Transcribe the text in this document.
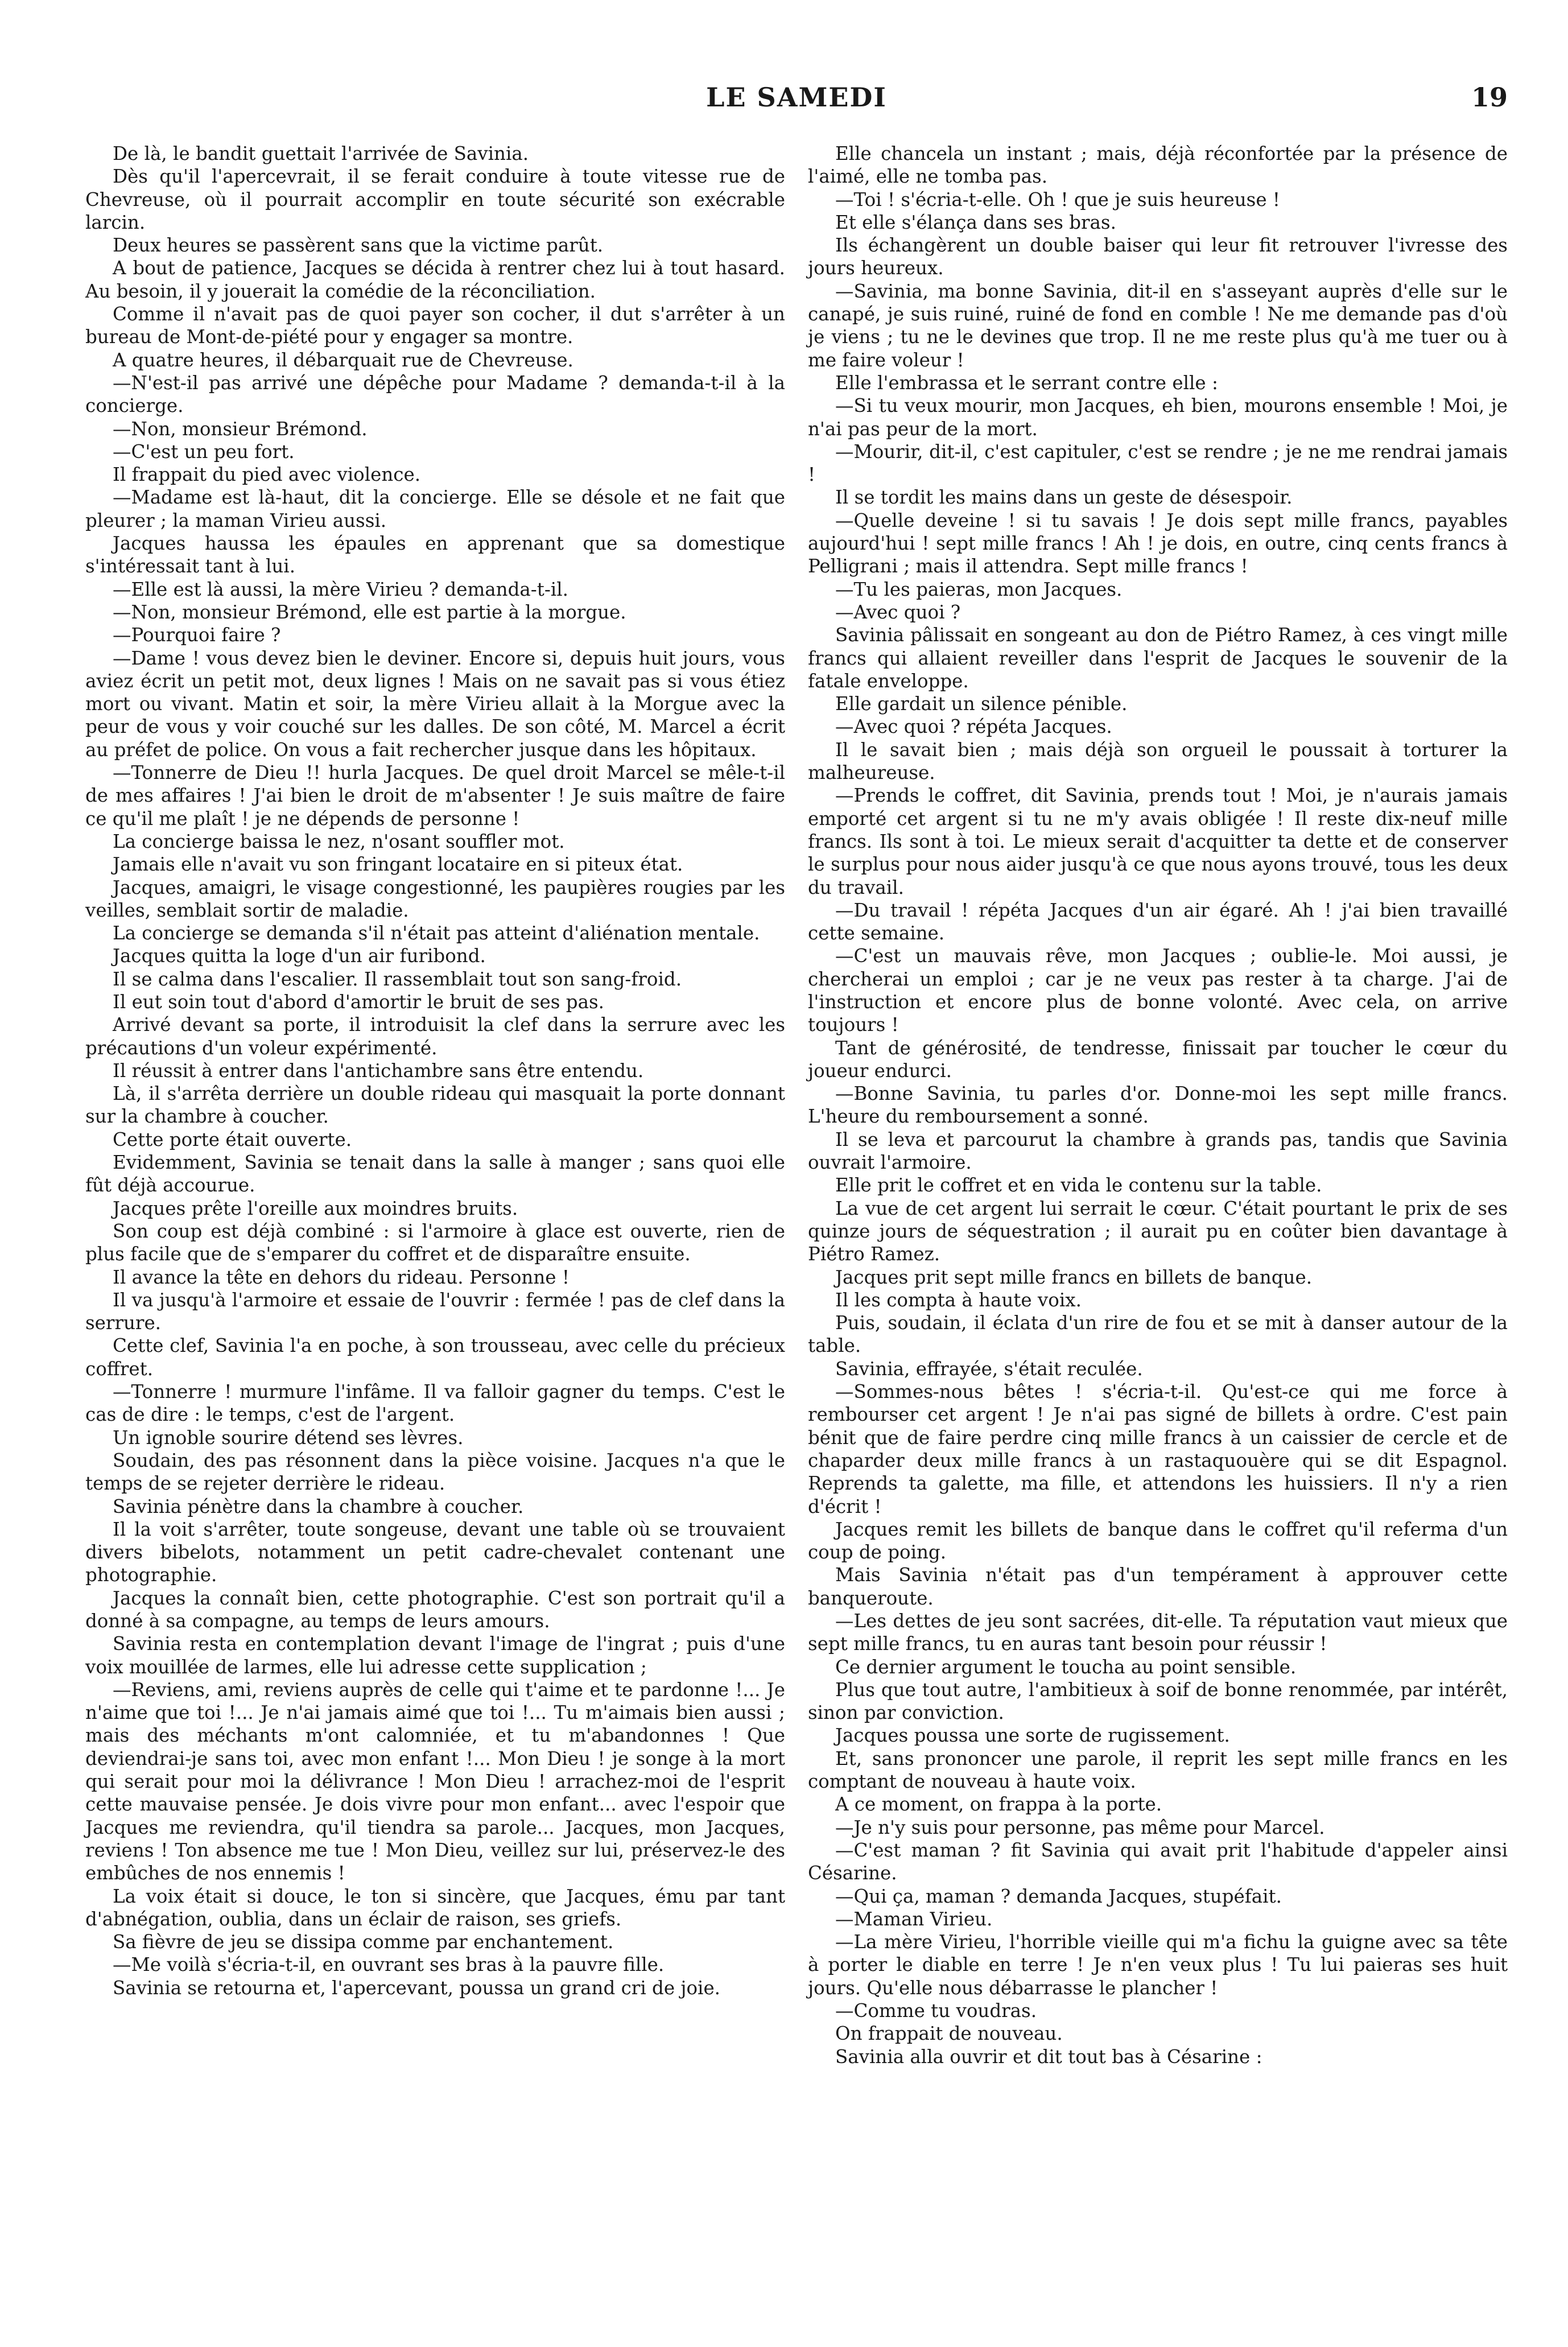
LE SAMEDI	19

De là, le bandit guettait l'arrivée de Savinia.

Dès qu'il l'apercevrait, il se ferait conduire à toute vitesse rue de Chevreuse, où il pourrait accomplir en toute sécurité son exécrable larcin.

Deux heures se passèrent sans que la victime parût.

A bout de patience, Jacques se décida à rentrer chez lui à tout hasard. Au besoin, il y jouerait la comédie de la réconciliation.

Comme il n'avait pas de quoi payer son cocher, il dut s'arrêter à un bureau de Mont-de-piété pour y engager sa montre.

A quatre heures, il débarquait rue de Chevreuse.

—N'est-il pas arrivé une dépêche pour Madame ? demanda-t-il à la concierge.

—Non, monsieur Brémond.

—C'est un peu fort.

Il frappait du pied avec violence.

—Madame est là-haut, dit la concierge. Elle se désole et ne fait que pleurer ; la maman Virieu aussi.

Jacques haussa les épaules en apprenant que sa domestique s'intéressait tant à lui.

—Elle est là aussi, la mère Virieu ? demanda-t-il.

—Non, monsieur Brémond, elle est partie à la morgue.

—Pourquoi faire ?

—Dame ! vous devez bien le deviner. Encore si, depuis huit jours, vous aviez écrit un petit mot, deux lignes ! Mais on ne savait pas si vous étiez mort ou vivant. Matin et soir, la mère Virieu allait à la Morgue avec la peur de vous y voir couché sur les dalles. De son côté, M. Marcel a écrit au préfet de police. On vous a fait rechercher jusque dans les hôpitaux.

—Tonnerre de Dieu !! hurla Jacques. De quel droit Marcel se mêle-t-il de mes affaires ! J'ai bien le droit de m'absenter ! Je suis maître de faire ce qu'il me plaît ! je ne dépends de personne !

La concierge baissa le nez, n'osant souffler mot.

Jamais elle n'avait vu son fringant locataire en si piteux état.

Jacques, amaigri, le visage congestionné, les paupières rougies par les veilles, semblait sortir de maladie.

La concierge se demanda s'il n'était pas atteint d'aliénation mentale.

Jacques quitta la loge d'un air furibond.

Il se calma dans l'escalier. Il rassemblait tout son sang-froid.

Il eut soin tout d'abord d'amortir le bruit de ses pas.

Arrivé devant sa porte, il introduisit la clef dans la serrure avec les précautions d'un voleur expérimenté.

Il réussit à entrer dans l'antichambre sans être entendu.

Là, il s'arrêta derrière un double rideau qui masquait la porte donnant sur la chambre à coucher.

Cette porte était ouverte.

Evidemment, Savinia se tenait dans la salle à manger ; sans quoi elle fût déjà accourue.

Jacques prête l'oreille aux moindres bruits.

Son coup est déjà combiné : si l'armoire à glace est ouverte, rien de plus facile que de s'emparer du coffret et de disparaître ensuite.

Il avance la tête en dehors du rideau. Personne !

Il va jusqu'à l'armoire et essaie de l'ouvrir : fermée ! pas de clef dans la serrure.

Cette clef, Savinia l'a en poche, à son trousseau, avec celle du précieux coffret.

—Tonnerre ! murmure l'infâme. Il va falloir gagner du temps. C'est le cas de dire : le temps, c'est de l'argent.

Un ignoble sourire détend ses lèvres.

Soudain, des pas résonnent dans la pièce voisine. Jacques n'a que le temps de se rejeter derrière le rideau.

Savinia pénètre dans la chambre à coucher.

Il la voit s'arrêter, toute songeuse, devant une table où se trouvaient divers bibelots, notamment un petit cadre-chevalet contenant une photographie.

Jacques la connaît bien, cette photographie. C'est son portrait qu'il a donné à sa compagne, au temps de leurs amours.

Savinia resta en contemplation devant l'image de l'ingrat ; puis d'une voix mouillée de larmes, elle lui adresse cette supplication ;

—Reviens, ami, reviens auprès de celle qui t'aime et te pardonne !... Je n'aime que toi !... Je n'ai jamais aimé que toi !... Tu m'aimais bien aussi ; mais des méchants m'ont calomniée, et tu m'abandonnes ! Que deviendrai-je sans toi, avec mon enfant !... Mon Dieu ! je songe à la mort qui serait pour moi la délivrance ! Mon Dieu ! arrachez-moi de l'esprit cette mauvaise pensée. Je dois vivre pour mon enfant... avec l'espoir que Jacques me reviendra, qu'il tiendra sa parole... Jacques, mon Jacques, reviens ! Ton absence me tue ! Mon Dieu, veillez sur lui, préservez-le des embûches de nos ennemis !

La voix était si douce, le ton si sincère, que Jacques, ému par tant d'abnégation, oublia, dans un éclair de raison, ses griefs.

Sa fièvre de jeu se dissipa comme par enchantement.

—Me voilà s'écria-t-il, en ouvrant ses bras à la pauvre fille.

Savinia se retourna et, l'apercevant, poussa un grand cri de joie.

Elle chancela un instant ; mais, déjà réconfortée par la présence de l'aimé, elle ne tomba pas.

—Toi ! s'écria-t-elle. Oh ! que je suis heureuse !

Et elle s'élança dans ses bras.

Ils échangèrent un double baiser qui leur fit retrouver l'ivresse des jours heureux.

—Savinia, ma bonne Savinia, dit-il en s'asseyant auprès d'elle sur le canapé, je suis ruiné, ruiné de fond en comble ! Ne me demande pas d'où je viens ; tu ne le devines que trop. Il ne me reste plus qu'à me tuer ou à me faire voleur !

Elle l'embrassa et le serrant contre elle :

—Si tu veux mourir, mon Jacques, eh bien, mourons ensemble ! Moi, je n'ai pas peur de la mort.

—Mourir, dit-il, c'est capituler, c'est se rendre ; je ne me rendrai jamais !

Il se tordit les mains dans un geste de désespoir.

—Quelle deveine ! si tu savais ! Je dois sept mille francs, payables aujourd'hui ! sept mille francs ! Ah ! je dois, en outre, cinq cents francs à Pelligrani ; mais il attendra. Sept mille francs !

—Tu les paieras, mon Jacques.

—Avec quoi ?

Savinia pâlissait en songeant au don de Piétro Ramez, à ces vingt mille francs qui allaient reveiller dans l'esprit de Jacques le souvenir de la fatale enveloppe.

Elle gardait un silence pénible.

—Avec quoi ? répéta Jacques.

Il le savait bien ; mais déjà son orgueil le poussait à torturer la malheureuse.

—Prends le coffret, dit Savinia, prends tout ! Moi, je n'aurais jamais emporté cet argent si tu ne m'y avais obligée ! Il reste dix-neuf mille francs. Ils sont à toi. Le mieux serait d'acquitter ta dette et de conserver le surplus pour nous aider jusqu'à ce que nous ayons trouvé, tous les deux du travail.

—Du travail ! répéta Jacques d'un air égaré. Ah ! j'ai bien travaillé cette semaine.

—C'est un mauvais rêve, mon Jacques ; oublie-le. Moi aussi, je chercherai un emploi ; car je ne veux pas rester à ta charge. J'ai de l'instruction et encore plus de bonne volonté. Avec cela, on arrive toujours !

Tant de générosité, de tendresse, finissait par toucher le cœur du joueur endurci.

—Bonne Savinia, tu parles d'or. Donne-moi les sept mille francs. L'heure du remboursement a sonné.

Il se leva et parcourut la chambre à grands pas, tandis que Savinia ouvrait l'armoire.

Elle prit le coffret et en vida le contenu sur la table.

La vue de cet argent lui serrait le cœur. C'était pourtant le prix de ses quinze jours de séquestration ; il aurait pu en coûter bien davantage à Piétro Ramez.

Jacques prit sept mille francs en billets de banque.

Il les compta à haute voix.

Puis, soudain, il éclata d'un rire de fou et se mit à danser autour de la table.

Savinia, effrayée, s'était reculée.

—Sommes-nous bêtes ! s'écria-t-il. Qu'est-ce qui me force à rembourser cet argent ! Je n'ai pas signé de billets à ordre. C'est pain bénit que de faire perdre cinq mille francs à un caissier de cercle et de chaparder deux mille francs à un rastaquouère qui se dit Espagnol. Reprends ta galette, ma fille, et attendons les huissiers. Il n'y a rien d'écrit !

Jacques remit les billets de banque dans le coffret qu'il referma d'un coup de poing.

Mais Savinia n'était pas d'un tempérament à approuver cette banqueroute.

—Les dettes de jeu sont sacrées, dit-elle. Ta réputation vaut mieux que sept mille francs, tu en auras tant besoin pour réussir !

Ce dernier argument le toucha au point sensible.

Plus que tout autre, l'ambitieux à soif de bonne renommée, par intérêt, sinon par conviction.

Jacques poussa une sorte de rugissement.

Et, sans prononcer une parole, il reprit les sept mille francs en les comptant de nouveau à haute voix.

A ce moment, on frappa à la porte.

—Je n'y suis pour personne, pas même pour Marcel.

—C'est maman ? fit Savinia qui avait prit l'habitude d'appeler ainsi Césarine.

—Qui ça, maman ? demanda Jacques, stupéfait.

—Maman Virieu.

—La mère Virieu, l'horrible vieille qui m'a fichu la guigne avec sa tête à porter le diable en terre ! Je n'en veux plus ! Tu lui paieras ses huit jours. Qu'elle nous débarrasse le plancher !

—Comme tu voudras.

On frappait de nouveau.

Savinia alla ouvrir et dit tout bas à Césarine :
